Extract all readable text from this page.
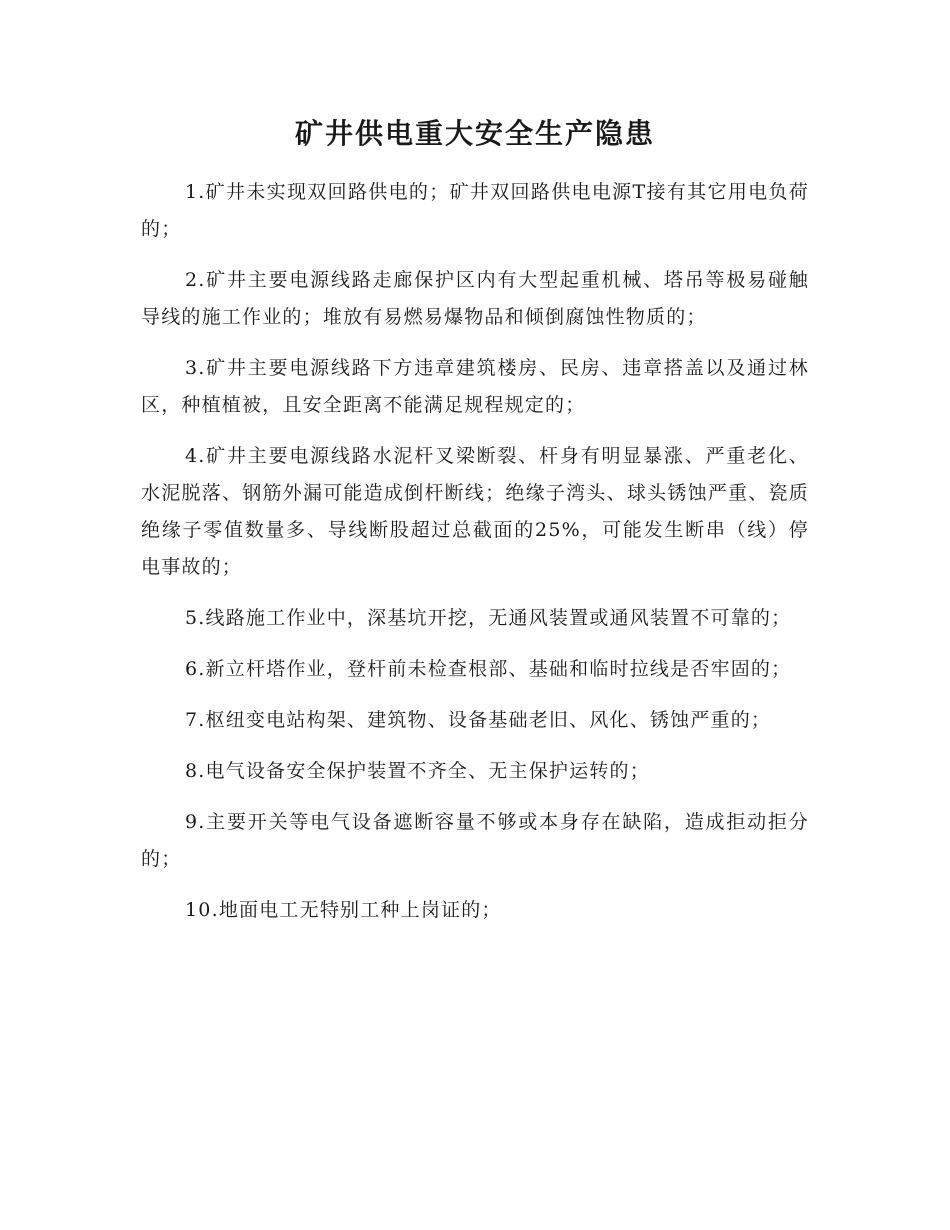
矿井供电重大安全生产隐患

1.矿井未实现双回路供电的；矿井双回路供电电源T接有其它用电负荷的；

2.矿井主要电源线路走廊保护区内有大型起重机械、塔吊等极易碰触导线的施工作业的；堆放有易燃易爆物品和倾倒腐蚀性物质的；

3.矿井主要电源线路下方违章建筑楼房、民房、违章搭盖以及通过林区，种植植被，且安全距离不能满足规程规定的；

4.矿井主要电源线路水泥杆叉梁断裂、杆身有明显暴涨、严重老化、水泥脱落、钢筋外漏可能造成倒杆断线；绝缘子湾头、球头锈蚀严重、瓷质绝缘子零值数量多、导线断股超过总截面的25%，可能发生断串（线）停电事故的；

5.线路施工作业中，深基坑开挖，无通风装置或通风装置不可靠的；

6.新立杆塔作业，登杆前未检查根部、基础和临时拉线是否牢固的；

7.枢纽变电站构架、建筑物、设备基础老旧、风化、锈蚀严重的；

8.电气设备安全保护装置不齐全、无主保护运转的；

9.主要开关等电气设备遮断容量不够或本身存在缺陷，造成拒动拒分的；

10.地面电工无特别工种上岗证的；
